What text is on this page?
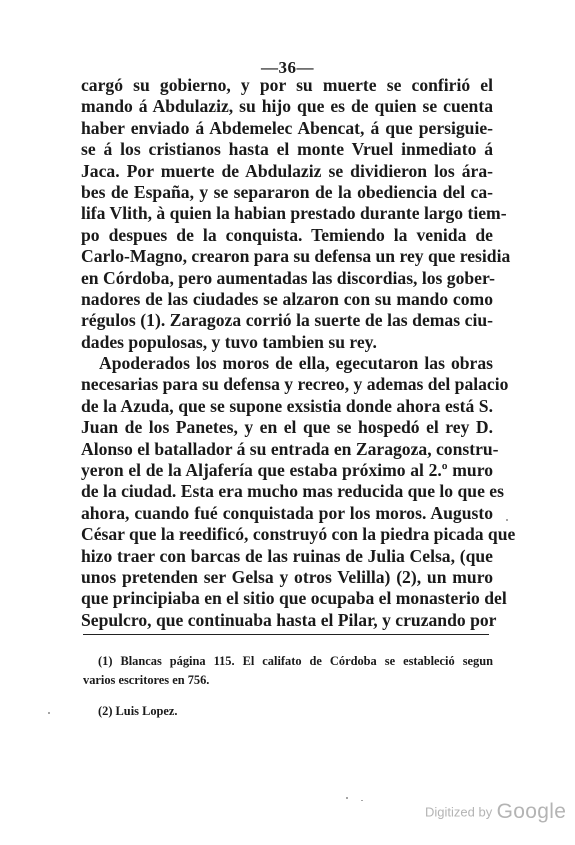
—36—
cargó su gobierno, y por su muerte se confirió el
mando á Abdulaziz, su hijo que es de quien se cuenta
haber enviado á Abdemelec Abencat, á que persiguie-
se á los cristianos hasta el monte Vruel inmediato á
Jaca. Por muerte de Abdulaziz se dividieron los ára-
bes de España, y se separaron de la obediencia del ca-
lifa Vlith, à quien la habian prestado durante largo tiem-
po despues de la conquista. Temiendo la venida de
Carlo-Magno, crearon para su defensa un rey que residia
en Córdoba, pero aumentadas las discordias, los gober-
nadores de las ciudades se alzaron con su mando como
régulos (1). Zaragoza corrió la suerte de las demas ciu-
dades populosas, y tuvo tambien su rey.
Apoderados los moros de ella, egecutaron las obras
necesarias para su defensa y recreo, y ademas del palacio
de la Azuda, que se supone exsistia donde ahora está S.
Juan de los Panetes, y en el que se hospedó el rey D.
Alonso el batallador á su entrada en Zaragoza, constru-
yeron el de la Aljafería que estaba próximo al 2.º muro
de la ciudad. Esta era mucho mas reducida que lo que es
ahora, cuando fué conquistada por los moros. Augusto
César que la reedificó, construyó con la piedra picada que
hizo traer con barcas de las ruinas de Julia Celsa, (que
unos pretenden ser Gelsa y otros Velilla) (2), un muro
que principiaba en el sitio que ocupaba el monasterio del
Sepulcro, que continuaba hasta el Pilar, y cruzando por
(1) Blancas página 115. El califato de Córdoba se estableció segun
varios escritores en 756.
(2) Luis Lopez.
Digitized by Google
